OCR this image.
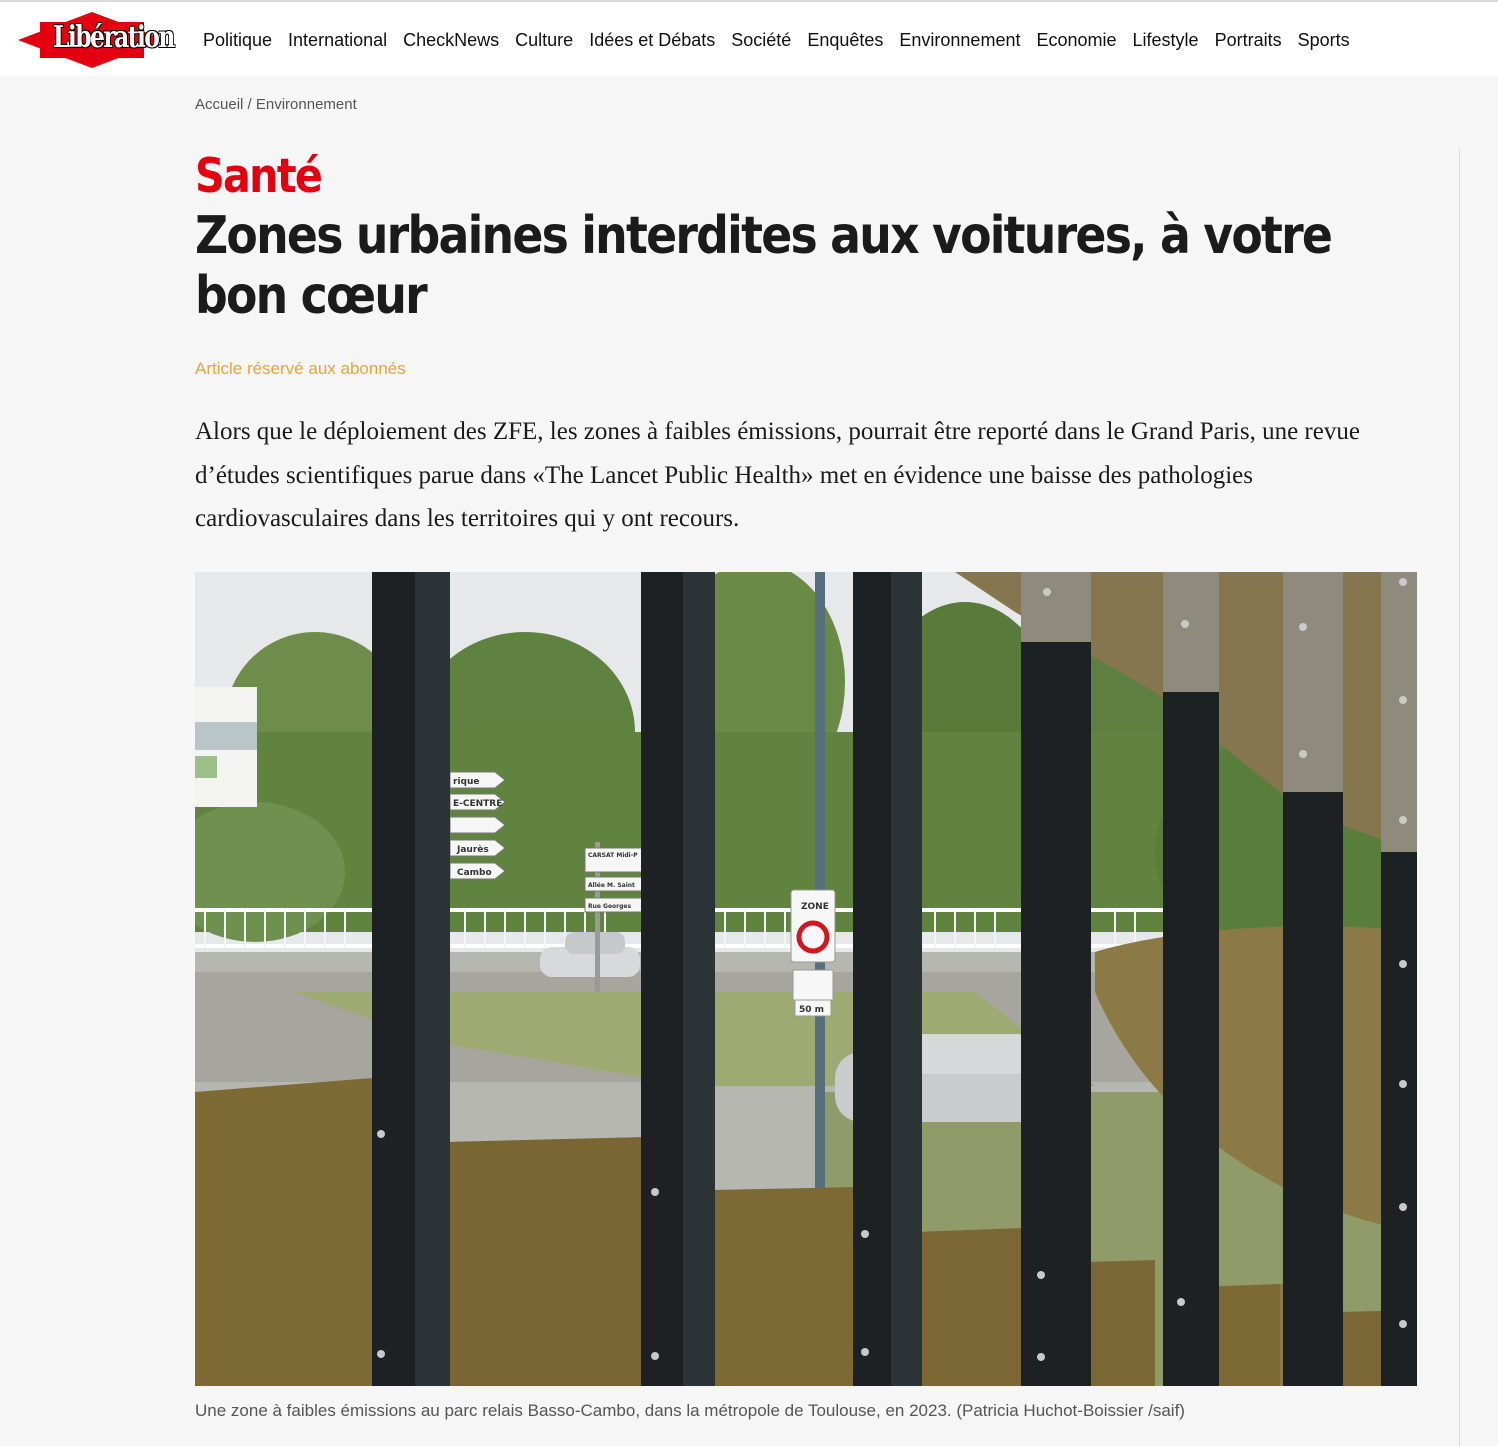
Libération	Politique International CheckNews Culture Idées et Débats Société Enquêtes Environnement Economie Lifestyle Portraits Sports
Accueil / Environnement
Santé
Zones urbaines interdites aux voitures, à votre bon cœur
Article réservé aux abonnés

Alors que le déploiement des ZFE, les zones à faibles émissions, pourrait être reporté dans le Grand Paris, une revue d’études scientifiques parue dans «The Lancet Public Health» met en évidence une baisse des pathologies cardiovasculaires dans les territoires qui y ont recours.

rique
E-CENTRE
Jaurès
Cambo
CARSAT Midi-P
Allée M. Saint
Rue Georges	ZONE
50 m
Une zone à faibles émissions au parc relais Basso-Cambo, dans la métropole de Toulouse, en 2023. (Patricia Huchot-Boissier /saif)
